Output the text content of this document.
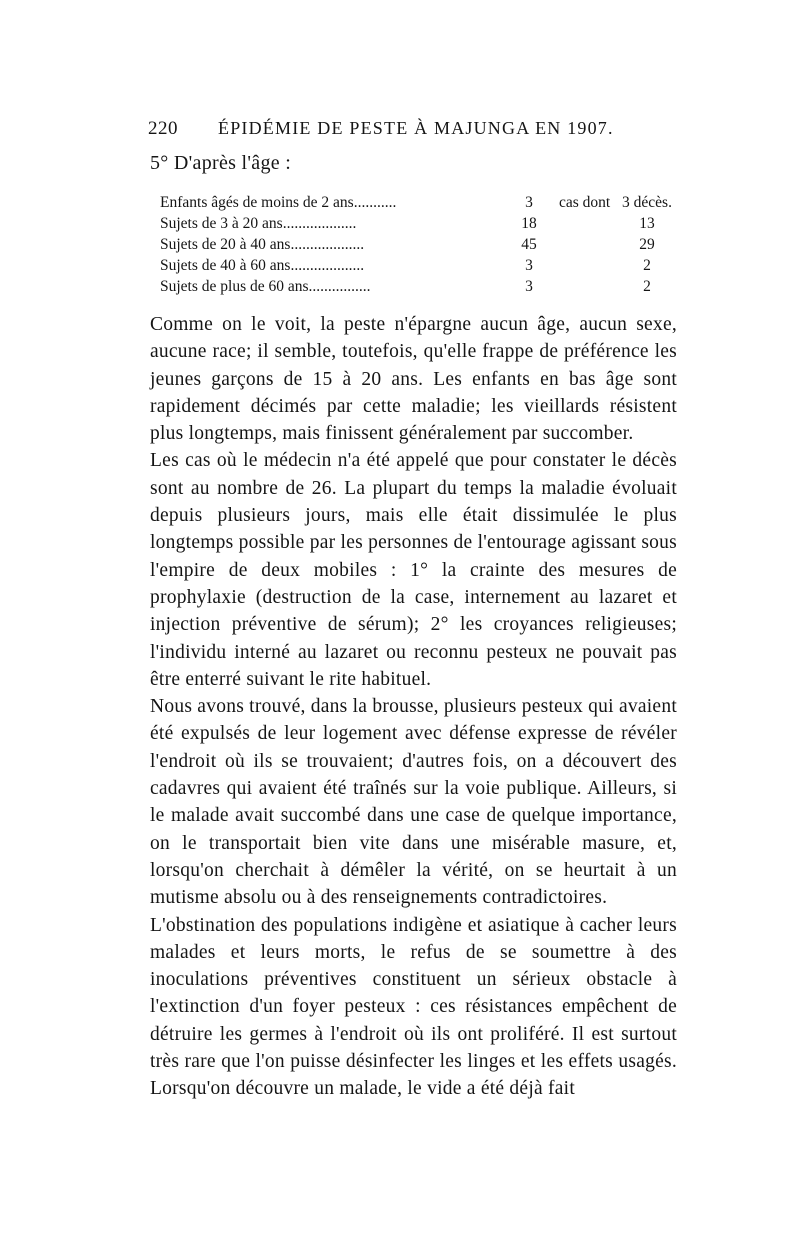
220 ÉPIDÉMIE DE PESTE À MAJUNGA EN 1907.
5° D'après l'âge :
Enfants âgés de moins de 2 ans...........	3	cas dont	3 décès.
Sujets de 3 à 20 ans...................	18		13
Sujets de 20 à 40 ans...................	45		29
Sujets de 40 à 60 ans...................	3		2
Sujets de plus de 60 ans................	3		2

Comme on le voit, la peste n'épargne aucun âge, aucun sexe, aucune race; il semble, toutefois, qu'elle frappe de préférence les jeunes garçons de 15 à 20 ans. Les enfants en bas âge sont rapidement décimés par cette maladie; les vieillards résistent plus longtemps, mais finissent généralement par succomber.

Les cas où le médecin n'a été appelé que pour constater le décès sont au nombre de 26. La plupart du temps la maladie évoluait depuis plusieurs jours, mais elle était dissimulée le plus longtemps possible par les personnes de l'entourage agissant sous l'empire de deux mobiles : 1° la crainte des mesures de prophylaxie (destruction de la case, internement au lazaret et injection préventive de sérum); 2° les croyances religieuses; l'individu interné au lazaret ou reconnu pesteux ne pouvait pas être enterré suivant le rite habituel.

Nous avons trouvé, dans la brousse, plusieurs pesteux qui avaient été expulsés de leur logement avec défense expresse de révéler l'endroit où ils se trouvaient; d'autres fois, on a découvert des cadavres qui avaient été traînés sur la voie publique. Ailleurs, si le malade avait succombé dans une case de quelque importance, on le transportait bien vite dans une misérable masure, et, lorsqu'on cherchait à démêler la vérité, on se heurtait à un mutisme absolu ou à des renseignements contradictoires.

L'obstination des populations indigène et asiatique à cacher leurs malades et leurs morts, le refus de se soumettre à des inoculations préventives constituent un sérieux obstacle à l'extinction d'un foyer pesteux : ces résistances empêchent de détruire les germes à l'endroit où ils ont proliféré. Il est surtout très rare que l'on puisse désinfecter les linges et les effets usagés. Lorsqu'on découvre un malade, le vide a été déjà fait
